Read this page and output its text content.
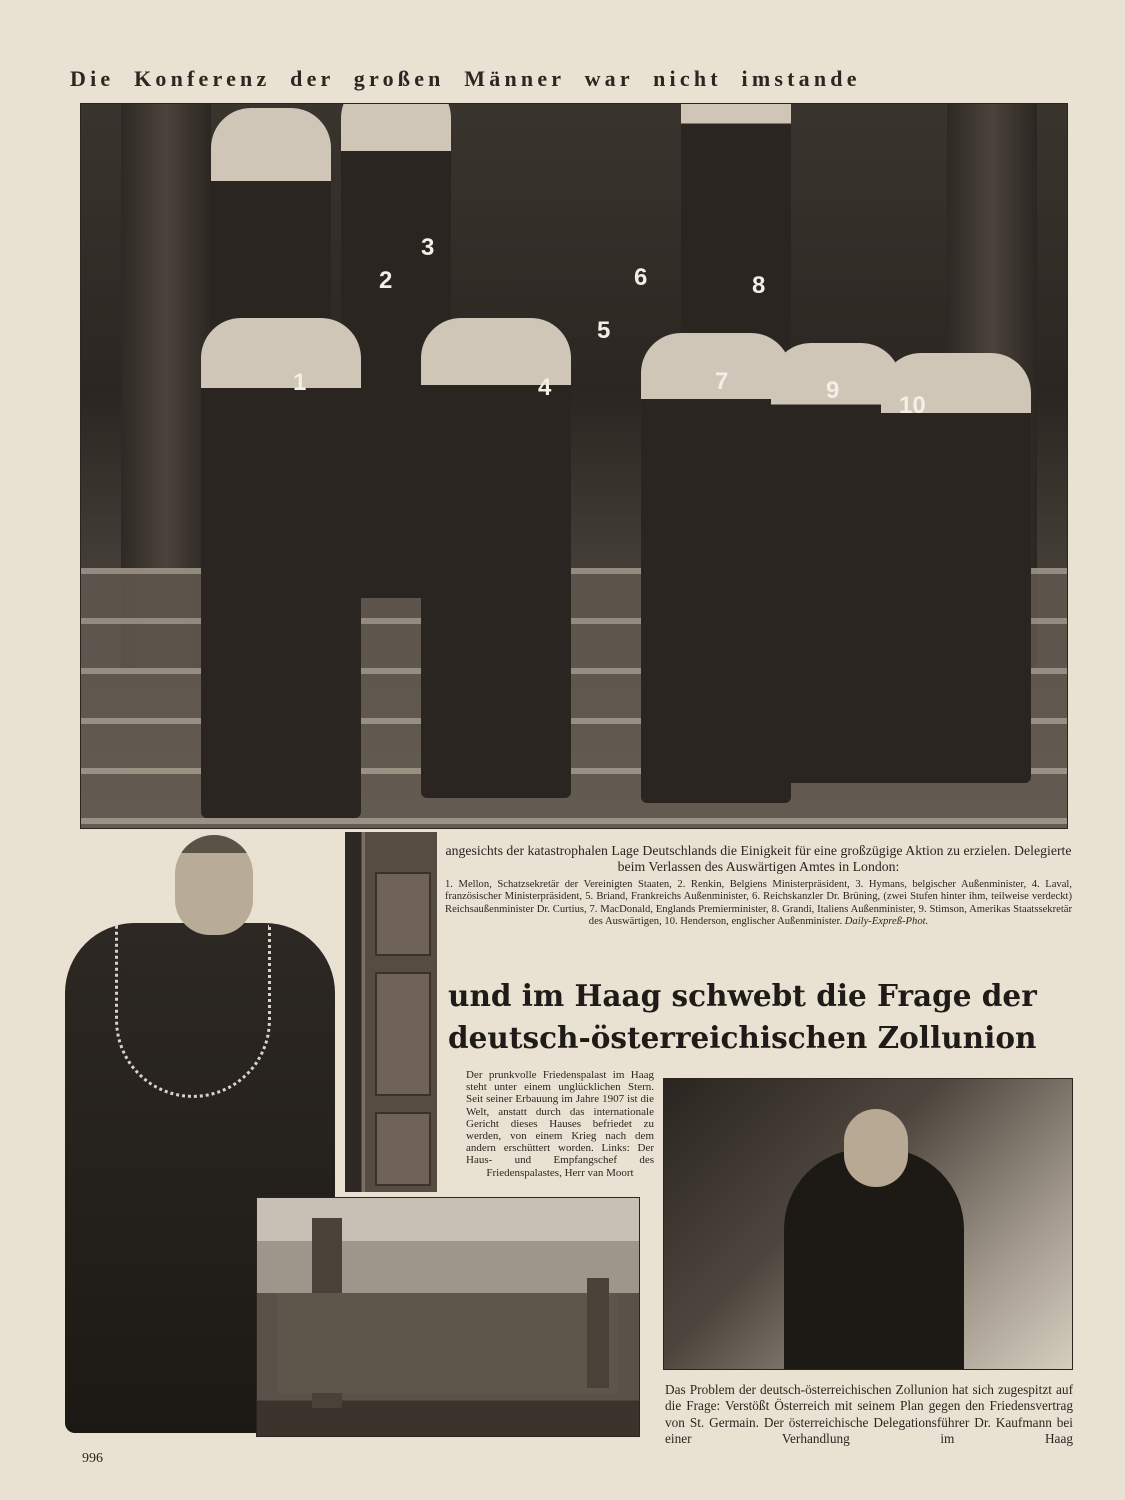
Die Konferenz der großen Männer war nicht imstande
1
2
3
4
5
6
7
8
9
10

angesichts der katastrophalen Lage Deutschlands die Einigkeit für eine großzügige Aktion zu erzielen. Delegierte beim Verlassen des Auswärtigen Amtes in London:

1. Mellon, Schatzsekretär der Vereinigten Staaten, 2. Renkin, Belgiens Ministerpräsident, 3. Hymans, belgischer Außenminister, 4. Laval, französischer Ministerpräsident, 5. Briand, Frankreichs Außenminister, 6. Reichskanzler Dr. Brüning, (zwei Stufen hinter ihm, teilweise verdeckt) Reichsaußenminister Dr. Curtius, 7. MacDonald, Englands Premierminister, 8. Grandi, Italiens Außenminister, 9. Stimson, Amerikas Staatssekretär des Auswärtigen, 10. Henderson, englischer Außenminister. Daily-Expreß-Phot.

und im Haag schwebt die Frage der
deutsch-österreichischen Zollunion
Der prunkvolle Friedenspalast im Haag steht unter einem unglücklichen Stern. Seit seiner Erbauung im Jahre 1907 ist die Welt, anstatt durch das internationale Gericht dieses Hauses befriedet zu werden, von einem Krieg nach dem andern erschüttert worden. Links: Der Haus- und Empfangschef des Friedenspalastes, Herr van Moort
Das Problem der deutsch-österreichischen Zollunion hat sich zugespitzt auf die Frage: Verstößt Österreich mit seinem Plan gegen den Friedensvertrag von St. Germain. Der österreichische Delegationsführer Dr. Kaufmann bei einer Verhandlung im Haag
996
